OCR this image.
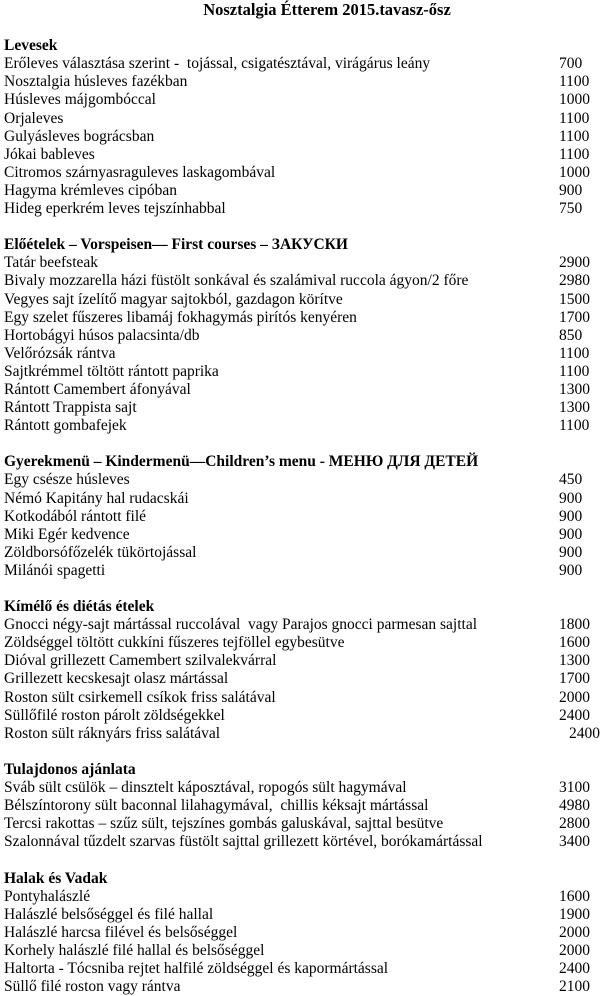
Nosztalgia Étterem 2015.tavasz-ősz
Levesek
Erőleves választása szerint -  tojással, csigatésztával, virágárus leány	700
Nosztalgia húsleves fazékban	1100
Húsleves májgombóccal	1000
Orjaleves	1100
Gulyásleves bográcsban	1100
Jókai bableves	1100
Citromos szárnyasraguleves laskagombával	1000
Hagyma krémleves cipóban	900
Hideg eperkrém leves tejszínhabbal	750
Előételek – Vorspeisen— First courses – ЗАКУСКИ
Tatár beefsteak	2900
Bivaly mozzarella házi füstölt sonkával és szalámival ruccola ágyon/2 főre	2980
Vegyes sajt ízelítő magyar sajtokból, gazdagon körítve	1500
Egy szelet fűszeres libamáj fokhagymás pirítós kenyéren	1700
Hortobágyi húsos palacsinta/db	850
Velőrózsák rántva	1100
Sajtkrémmel töltött rántott paprika	1100
Rántott Camembert áfonyával	1300
Rántott Trappista sajt	1300
Rántott gombafejek	1100
Gyerekmenü – Kindermenü—Children’s menu - МЕНЮ ДЛЯ ДЕТЕЙ
Egy csésze húsleves	450
Némó Kapitány hal rudacskái	900
Kotkodából rántott filé	900
Miki Egér kedvence	900
Zöldborsófőzelék tükörtojással	900
Milánói spagetti	900
Kímélő és diétás ételek
Gnocci négy-sajt mártással ruccolával  vagy Parajos gnocci parmesan sajttal	1800
Zöldséggel töltött cukkíni fűszeres tejföllel egybesütve	1600
Dióval grillezett Camembert szilvalekvárral	1300
Grillezett kecskesajt olasz mártással	1700
Roston sült csirkemell csíkok friss salátával	2000
Süllőfilé roston párolt zöldségekkel	2400
Roston sült ráknyárs friss salátával	2400
Tulajdonos ajánlata
Sváb sült csülök – dinsztelt káposztával, ropogós sült hagymával	3100
Bélszíntorony sült baconnal lilahagymával,  chillis kéksajt mártással	4980
Tercsi rakottas – szűz sült, tejszínes gombás galuskával, sajttal besütve	2800
Szalonnával tűzdelt szarvas füstölt sajttal grillezett körtével, borókamártással	3400
Halak és Vadak
Pontyhalászlé	1600
Halászlé belsőséggel és filé hallal	1900
Halászlé harcsa filével és belsőséggel	2000
Korhely halászlé filé hallal és belsőséggel	2000
Haltorta - Tócsniba rejtet halfilé zöldséggel és kapormártással	2400
Süllő filé roston vagy rántva	2100
